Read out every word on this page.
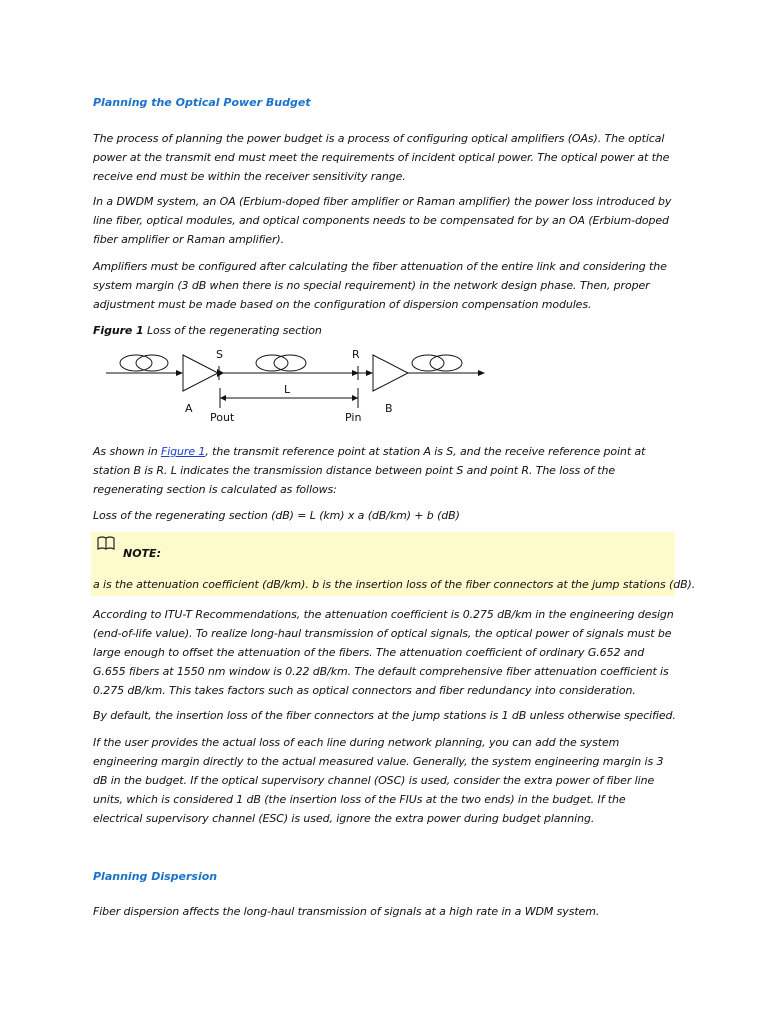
Planning the Optical Power Budget

The process of planning the power budget is a process of configuring optical amplifiers (OAs). The optical power at the transmit end must meet the requirements of incident optical power. The optical power at the receive end must be within the receiver sensitivity range.

In a DWDM system, an OA (Erbium-doped fiber amplifier or Raman amplifier) the power loss introduced by line fiber, optical modules, and optical components needs to be compensated for by an OA (Erbium-doped fiber amplifier or Raman amplifier).

Amplifiers must be configured after calculating the fiber attenuation of the entire link and considering the system margin (3 dB when there is no special requirement) in the network design phase. Then, proper adjustment must be made based on the configuration of dispersion compensation modules.

Figure 1 Loss of the regenerating section

S	R
L
A	B
Pout	Pin

As shown in Figure 1, the transmit reference point at station A is S, and the receive reference point at station B is R. L indicates the transmission distance between point S and point R. The loss of the regenerating section is calculated as follows:

Loss of the regenerating section (dB) = L (km) x a (dB/km) + b (dB)

NOTE:

a is the attenuation coefficient (dB/km). b is the insertion loss of the fiber connectors at the jump stations (dB).

According to ITU-T Recommendations, the attenuation coefficient is 0.275 dB/km in the engineering design (end-of-life value). To realize long-haul transmission of optical signals, the optical power of signals must be large enough to offset the attenuation of the fibers. The attenuation coefficient of ordinary G.652 and G.655 fibers at 1550 nm window is 0.22 dB/km. The default comprehensive fiber attenuation coefficient is 0.275 dB/km. This takes factors such as optical connectors and fiber redundancy into consideration.

By default, the insertion loss of the fiber connectors at the jump stations is 1 dB unless otherwise specified.

If the user provides the actual loss of each line during network planning, you can add the system engineering margin directly to the actual measured value. Generally, the system engineering margin is 3 dB in the budget. If the optical supervisory channel (OSC) is used, consider the extra power of fiber line units, which is considered 1 dB (the insertion loss of the FIUs at the two ends) in the budget. If the electrical supervisory channel (ESC) is used, ignore the extra power during budget planning.

Planning Dispersion

Fiber dispersion affects the long-haul transmission of signals at a high rate in a WDM system.
